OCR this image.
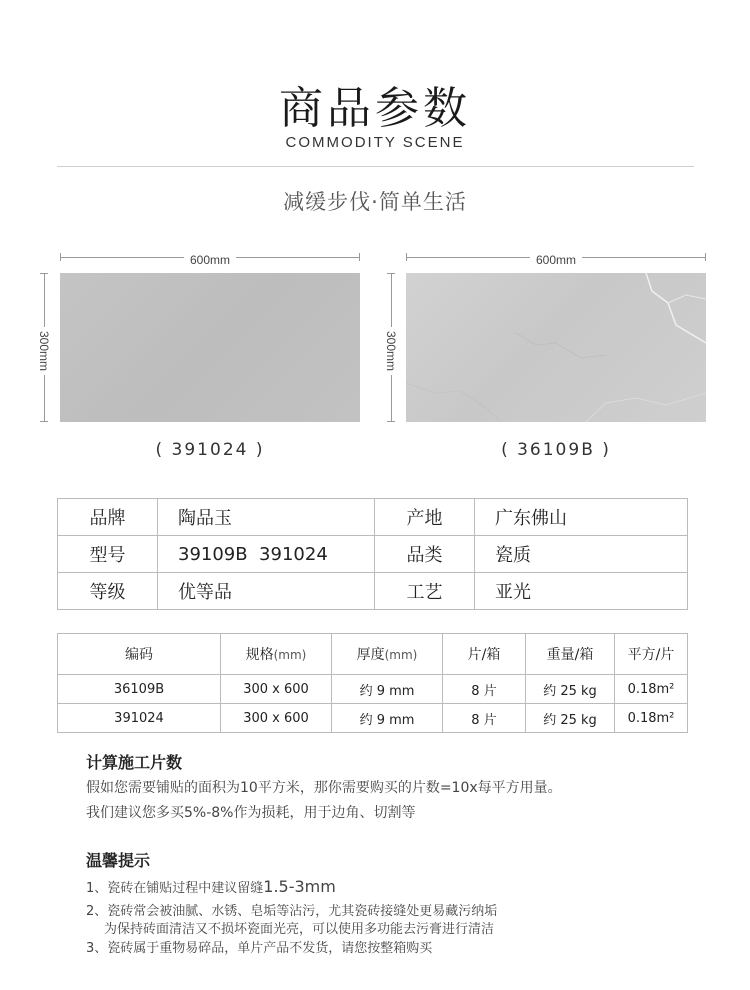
商品参数
COMMODITY SCENE
减缓步伐·简单生活
600mm
300mm
( 391024 )
600mm
300mm
( 36109B )
品牌	陶品玉	产地	广东佛山
型号	39109B  391024	品类	瓷质
等级	优等品	工艺	亚光
编码	规格(mm)	厚度(mm)	片/箱	重量/箱	平方/片
36109B	300 x 600	约 9 mm	8 片	约 25 kg	0.18m²
391024	300 x 600	约 9 mm	8 片	约 25 kg	0.18m²
计算施工片数
假如您需要铺贴的面积为10平方米，那你需要购买的片数=10x每平方用量。
我们建议您多买5%-8%作为损耗，用于边角、切割等
温馨提示
1、瓷砖在铺贴过程中建议留缝1.5-3mm
2、瓷砖常会被油腻、水锈、皂垢等沾污，尤其瓷砖接缝处更易藏污纳垢
为保持砖面清洁又不损坏瓷面光亮，可以使用多功能去污膏进行清洁
3、瓷砖属于重物易碎品，单片产品不发货，请您按整箱购买
